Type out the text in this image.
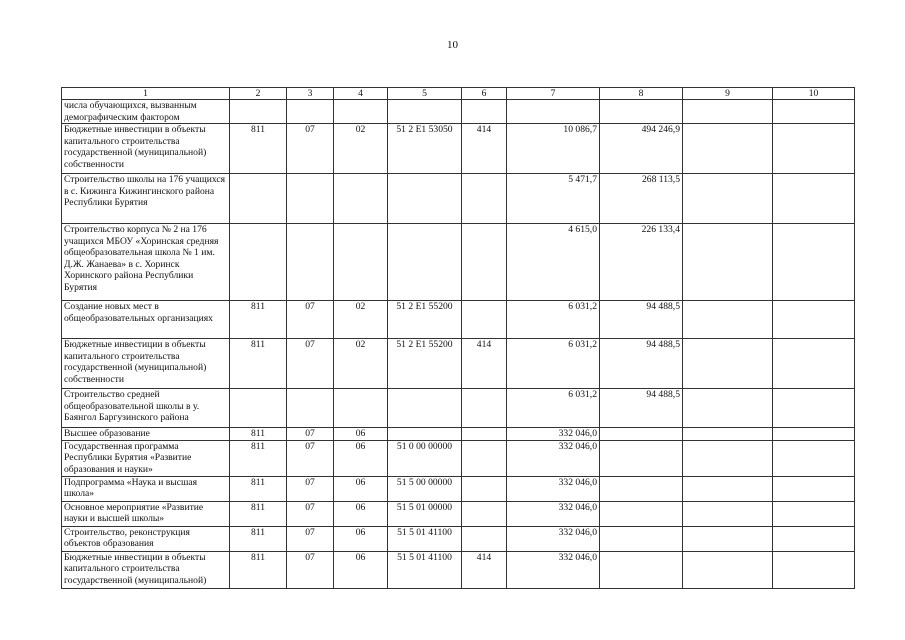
10
1	2	3	4	5	6	7	8	9	10
числа обучающихся, вызванным демографическим фактором									
Бюджетные инвестиции в объекты капитального строительства государственной (муниципальной) собственности	811	07	02	51 2 E1 53050	414	10 086,7	494 246,9		
Строительство школы на 176 учащихся в с. Кижинга Кижингинского района Республики Бурятия						5 471,7	268 113,5		
Строительство корпуса № 2 на 176 учащихся МБОУ «Хоринская средняя общеобразовательная школа № 1 им. Д.Ж. Жанаева» в с. Хоринск Хоринского района Республики Бурятия						4 615,0	226 133,4		
Создание новых мест в общеобразовательных организациях	811	07	02	51 2 E1 55200		6 031,2	94 488,5		
Бюджетные инвестиции в объекты капитального строительства государственной (муниципальной) собственности	811	07	02	51 2 E1 55200	414	6 031,2	94 488,5		
Строительство средней общеобразовательной школы в у. Баянгол Баргузинского района						6 031,2	94 488,5		
Высшее образование	811	07	06			332 046,0			
Государственная программа Республики Бурятия «Развитие образования и науки»	811	07	06	51 0 00 00000		332 046,0			
Подпрограмма «Наука и высшая школа»	811	07	06	51 5 00 00000		332 046,0			
Основное мероприятие «Развитие науки и высшей школы»	811	07	06	51 5 01 00000		332 046,0			
Строительство, реконструкция объектов образования	811	07	06	51 5 01 41100		332 046,0			
Бюджетные инвестиции в объекты капитального строительства государственной (муниципальной)	811	07	06	51 5 01 41100	414	332 046,0			
